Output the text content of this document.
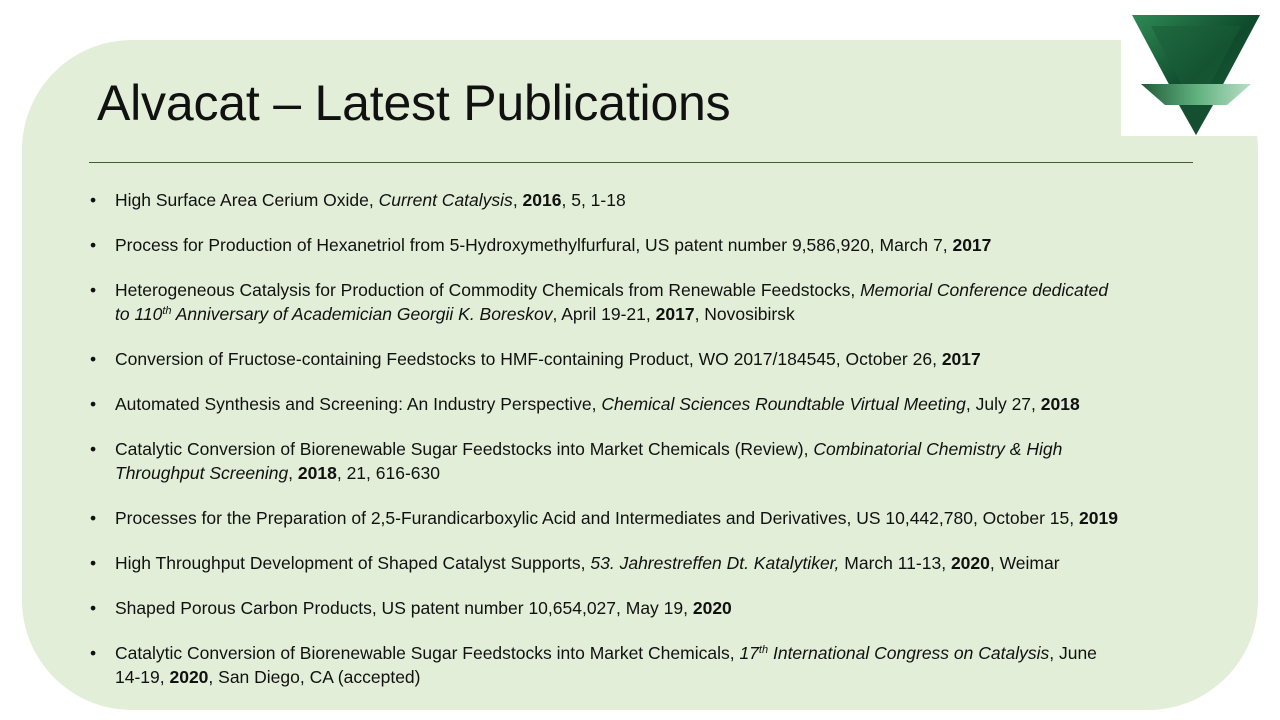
Alvacat – Latest Publications
• High Surface Area Cerium Oxide, Current Catalysis, 2016, 5, 1-18
• Process for Production of Hexanetriol from 5-Hydroxymethylfurfural, US patent number 9,586,920, March 7, 2017
• Heterogeneous Catalysis for Production of Commodity Chemicals from Renewable Feedstocks, Memorial Conference dedicated
to 110th Anniversary of Academician Georgii K. Boreskov, April 19-21, 2017, Novosibirsk
• Conversion of Fructose-containing Feedstocks to HMF-containing Product, WO 2017/184545, October 26, 2017
• Automated Synthesis and Screening: An Industry Perspective, Chemical Sciences Roundtable Virtual Meeting, July 27, 2018
• Catalytic Conversion of Biorenewable Sugar Feedstocks into Market Chemicals (Review), Combinatorial Chemistry & High
Throughput Screening, 2018, 21, 616-630
• Processes for the Preparation of 2,5-Furandicarboxylic Acid and Intermediates and Derivatives, US 10,442,780, October 15, 2019
• High Throughput Development of Shaped Catalyst Supports, 53. Jahrestreffen Dt. Katalytiker, March 11-13, 2020, Weimar
• Shaped Porous Carbon Products, US patent number 10,654,027, May 19, 2020
• Catalytic Conversion of Biorenewable Sugar Feedstocks into Market Chemicals, 17th International Congress on Catalysis, June
14-19, 2020, San Diego, CA (accepted)
